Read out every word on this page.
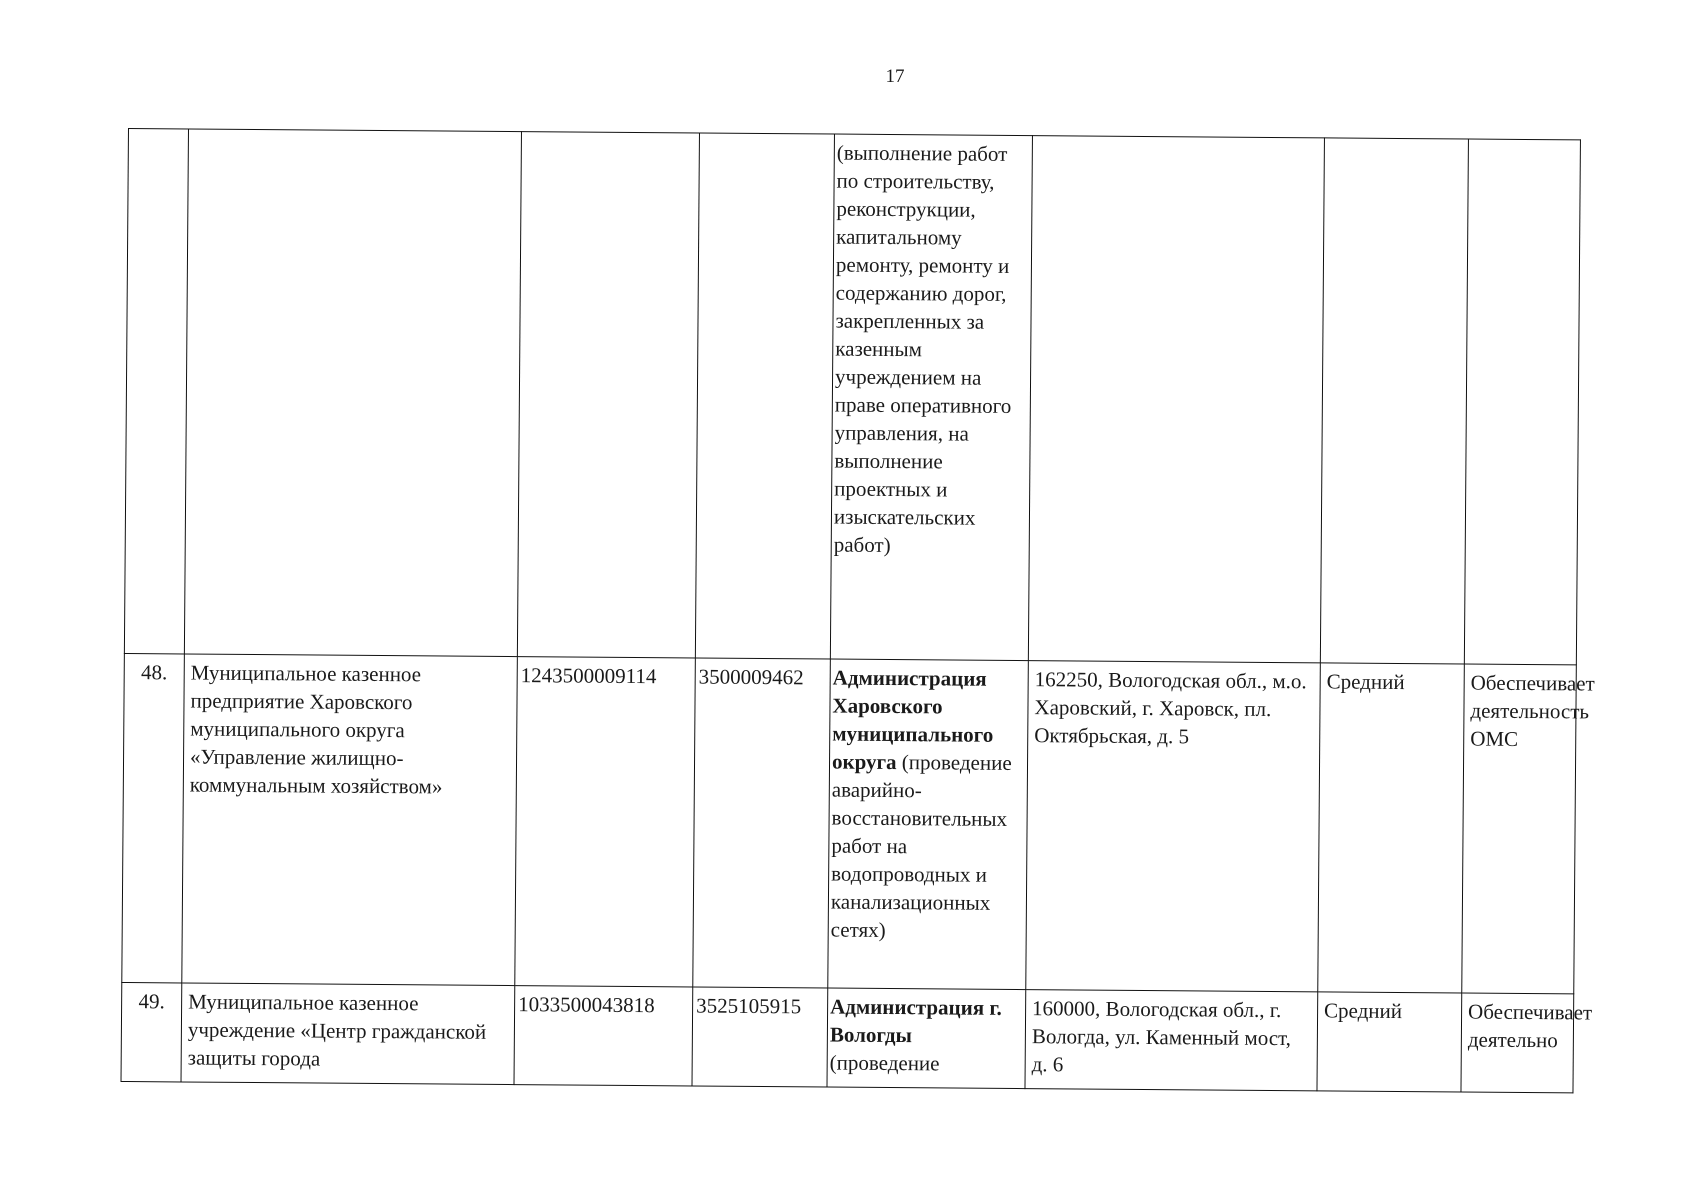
17
				(выполнение работ по строительству, реконструкции, капитальному ремонту, ремонту и содержанию дорог, закрепленных за казенным учреждением на праве оперативного управления, на выполнение проектных и изыскательских работ)			
48.	Муниципальное казенное предприятие Харовского муниципального округа «Управление жилищно-коммунальным хозяйством»	1243500009114	3500009462	Администрация Харовского муниципального округа (проведение аварийно-восстановительных работ на водопроводных и канализационных сетях)	162250, Вологодская обл., м.о. Харовский, г. Харовск, пл. Октябрьская, д. 5	Средний	Обеспечивает деятельность ОМС
49.	Муниципальное казенное учреждение «Центр гражданской защиты города	1033500043818	3525105915	Администрация г. Вологды (проведение	160000, Вологодская обл., г. Вологда, ул. Каменный мост, д. 6	Средний	Обеспечивает деятельно
